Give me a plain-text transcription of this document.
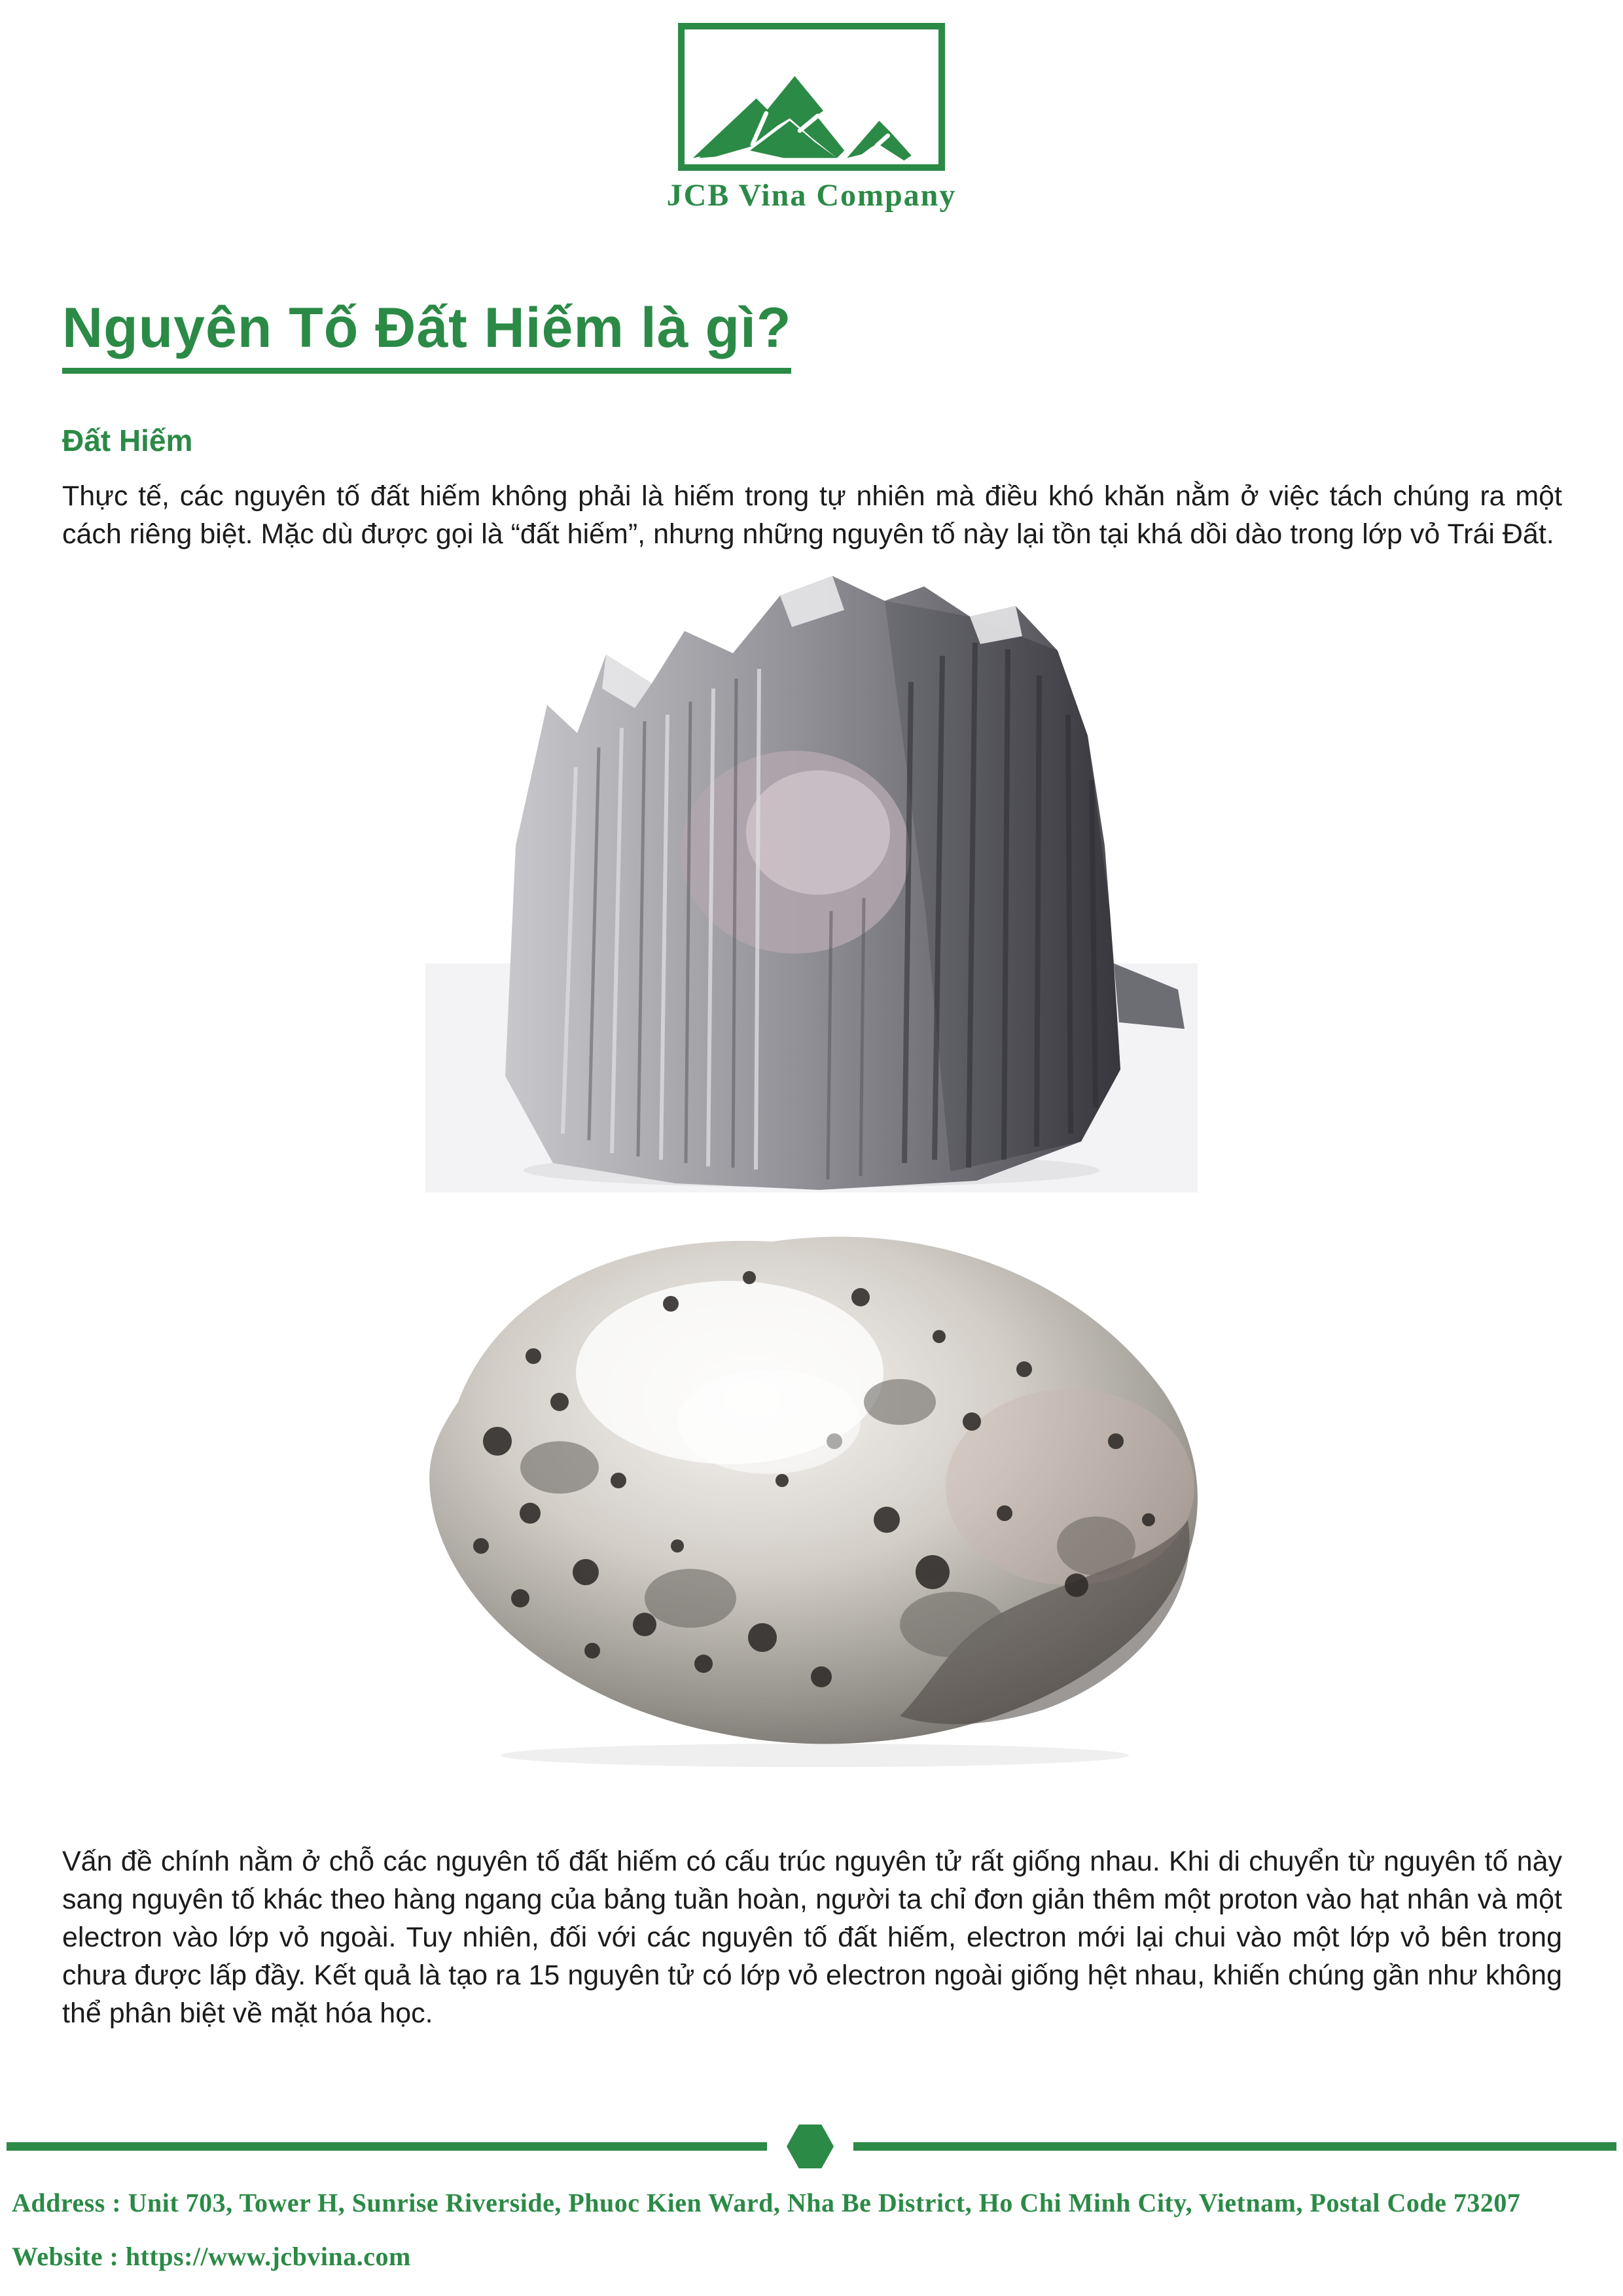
JCB Vina Company
Nguyên Tố Đất Hiếm là gì?
Đất Hiếm

Thực tế, các nguyên tố đất hiếm không phải là hiếm trong tự nhiên mà điều khó khăn nằm ở việc tách chúng ra một cách riêng biệt. Mặc dù được gọi là “đất hiếm”, nhưng những nguyên tố này lại tồn tại khá dồi dào trong lớp vỏ Trái Đất.

Vấn đề chính nằm ở chỗ các nguyên tố đất hiếm có cấu trúc nguyên tử rất giống nhau. Khi di chuyển từ nguyên tố này sang nguyên tố khác theo hàng ngang của bảng tuần hoàn, người ta chỉ đơn giản thêm một proton vào hạt nhân và một electron vào lớp vỏ ngoài. Tuy nhiên, đối với các nguyên tố đất hiếm, electron mới lại chui vào một lớp vỏ bên trong chưa được lấp đầy. Kết quả là tạo ra 15 nguyên tử có lớp vỏ electron ngoài giống hệt nhau, khiến chúng gần như không thể phân biệt về mặt hóa học.

Address : Unit 703, Tower H, Sunrise Riverside, Phuoc Kien Ward, Nha Be District, Ho Chi Minh City, Vietnam, Postal Code 73207
Website : https://www.jcbvina.com
